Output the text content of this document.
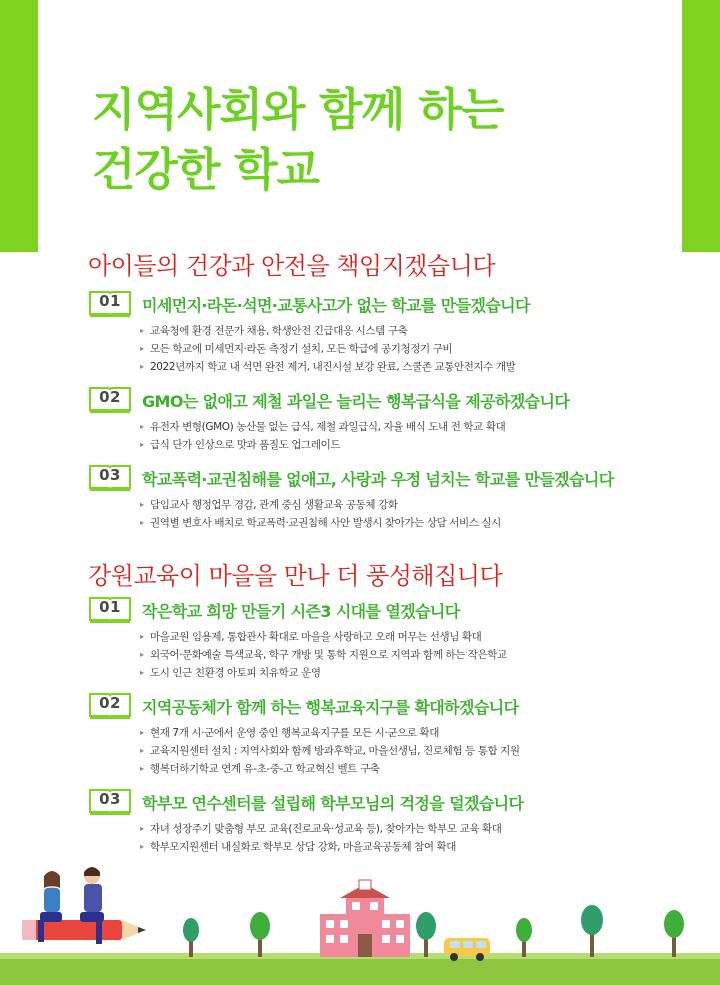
지역사회와 함께 하는
건강한 학교
아이들의 건강과 안전을 책임지겠습니다
01	미세먼지·라돈·석면·교통사고가 없는 학교를 만들겠습니다
▸ 교육청에 환경 전문가 채용, 학생안전 긴급대응 시스템 구축
▸ 모든 학교에 미세먼지·라돈 측정기 설치, 모든 학급에 공기청정기 구비
▸ 2022년까지 학교 내 석면 완전 제거, 내진시설 보강 완료, 스쿨존 교통안전지수 개발
02	GMO는 없애고 제철 과일은 늘리는 행복급식을 제공하겠습니다
▸ 유전자 변형(GMO) 농산물 없는 급식, 제철 과일급식, 자율 배식 도내 전 학교 확대
▸ 급식 단가 인상으로 맛과 품질도 업그레이드
03	학교폭력·교권침해를 없애고, 사랑과 우정 넘치는 학교를 만들겠습니다
▸ 담임교사 행정업무 경감, 관계 중심 생활교육 공동체 강화
▸ 권역별 변호사 배치로 학교폭력·교권침해 사안 발생시 찾아가는 상담 서비스 실시
강원교육이 마을을 만나 더 풍성해집니다
01	작은학교 희망 만들기 시즌3 시대를 열겠습니다
▸ 마을교원 임용제, 통합관사 확대로 마을을 사랑하고 오래 머무는 선생님 확대
▸ 외국어·문화예술 특색교육, 학구 개방 및 통학 지원으로 지역과 함께 하는 작은학교
▸ 도시 인근 친환경 아토피 치유학교 운영
02	지역공동체가 함께 하는 행복교육지구를 확대하겠습니다
▸ 현재 7개 시·군에서 운영 중인 행복교육지구를 모든 시·군으로 확대
▸ 교육지원센터 설치 : 지역사회와 함께 방과후학교, 마을선생님, 진로체험 등 통합 지원
▸ 행복더하기학교 연계 유-초-중-고 학교혁신 벨트 구축
03	학부모 연수센터를 설립해 학부모님의 걱정을 덜겠습니다
▸ 자녀 성장주기 맞춤형 부모 교육(진로교육·성교육 등), 찾아가는 학부모 교육 확대
▸ 학부모지원센터 내실화로 학부모 상담 강화, 마을교육공동체 참여 확대
